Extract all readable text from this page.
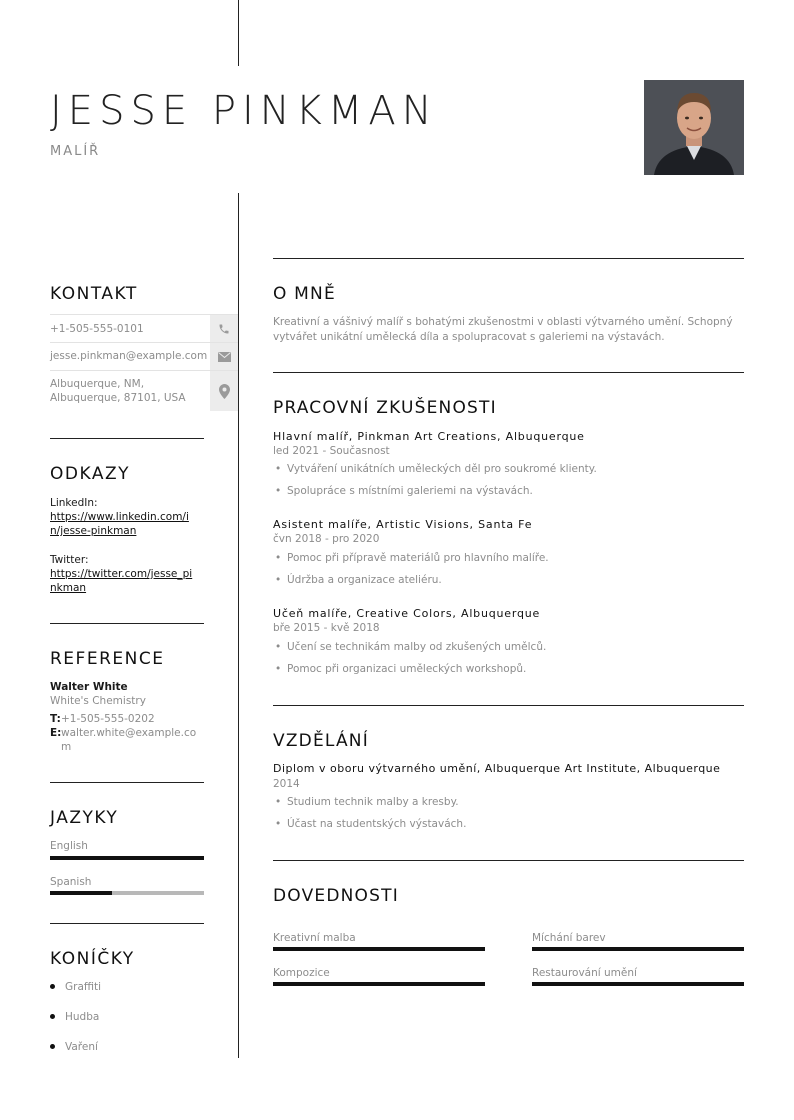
JESSE PINKMAN
MALÍŘ
KONTAKT
+1-505-555-0101
jesse.pinkman@example.com
Albuquerque, NM,
Albuquerque, 87101, USA
ODKAZY
LinkedIn:
https://www.linkedin.com/i
n/jesse-pinkman
Twitter:
https://twitter.com/jesse_pi
nkman
REFERENCE
Walter White
White's Chemistry
T: +1-505-555-0202
E: walter.white@example.co
m
JAZYKY
English
Spanish
KONÍČKY
Graffiti
Hudba
Vaření
O MNĚ
Kreativní a vášnivý malíř s bohatými zkušenostmi v oblasti výtvarného umění. Schopný vytvářet unikátní umělecká díla a spolupracovat s galeriemi na výstavách.
PRACOVNÍ ZKUŠENOSTI
Hlavní malíř, Pinkman Art Creations, Albuquerque
led 2021 - Současnost
• Vytváření unikátních uměleckých děl pro soukromé klienty.
• Spolupráce s místními galeriemi na výstavách.
Asistent malíře, Artistic Visions, Santa Fe
čvn 2018 - pro 2020
• Pomoc při přípravě materiálů pro hlavního malíře.
• Údržba a organizace ateliéru.
Učeň malíře, Creative Colors, Albuquerque
bře 2015 - kvě 2018
• Učení se technikám malby od zkušených umělců.
• Pomoc při organizaci uměleckých workshopů.
VZDĚLÁNÍ
Diplom v oboru výtvarného umění, Albuquerque Art Institute, Albuquerque
2014
• Studium technik malby a kresby.
• Účast na studentských výstavách.
DOVEDNOSTI
Kreativní malba	Míchání barev
Kompozice	Restaurování umění
